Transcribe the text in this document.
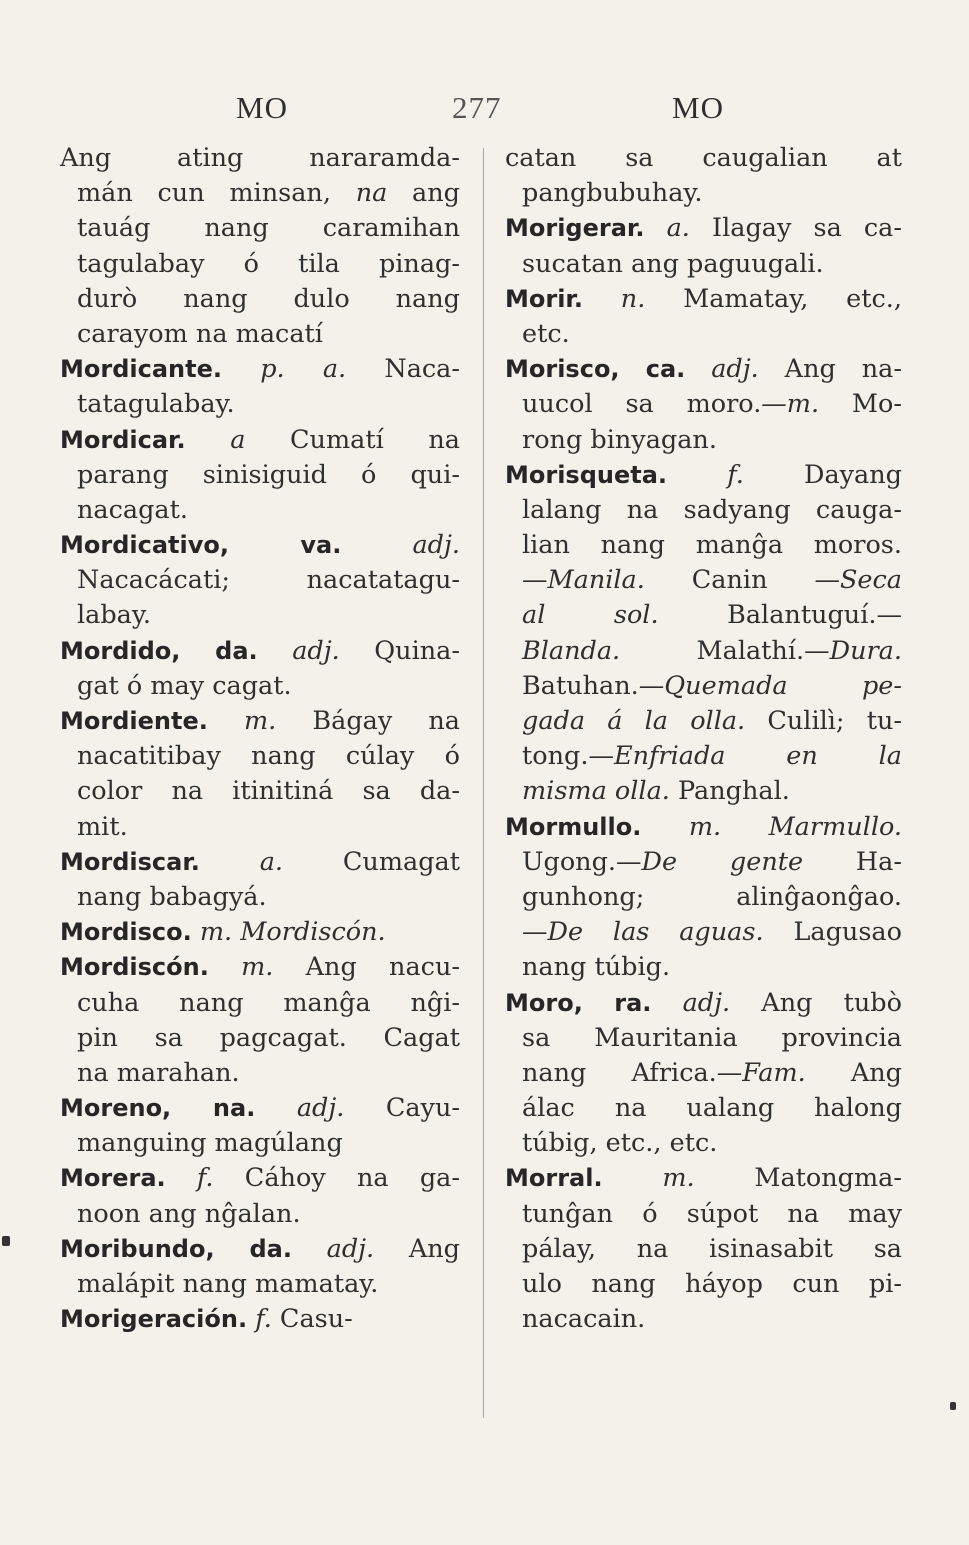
MO	277	MO
Ang ating nararamda-
mán cun minsan, na ang
tauág nang caramihan
tagulabay ó tila pinag-
durò nang dulo nang
carayom na macatí
Mordicante. p. a. Naca-
tatagulabay.
Mordicar. a Cumatí na
parang sinisiguid ó qui-
nacagat.
Mordicativo, va.	adj.
Nacacácati; nacatatagu-
labay.
Mordido, da. adj. Quina-
gat ó may cagat.
Mordiente. m. Bágay na
nacatitibay nang cúlay ó
color na itinitiná sa da-
mit.
Mordiscar. a. Cumagat
nang babagyá.
Mordisco. m. Mordiscón.
Mordiscón. m. Ang nacu-
cuha nang manĝa nĝi-
pin sa pagcagat. Cagat
na marahan.
Moreno, na. adj. Cayu-
manguing magúlang
Morera. f. Cáhoy na ga-
noon ang nĝalan.
Moribundo, da. adj. Ang
malápit nang mamatay.
Morigeración. f. Casu-
catan sa caugalian at
pangbubuhay.
Morigerar. a. Ilagay sa ca-
sucatan ang paguugali.
Morir. n. Mamatay, etc.,
etc.
Morisco, ca. adj. Ang na-
uucol sa moro.—m. Mo-
rong binyagan.
Morisqueta. f. Dayang
lalang na sadyang cauga-
lian nang manĝa moros.
—Manila. Canin —Seca
al sol. Balantuguí.—
Blanda. Malathí.—Dura.
Batuhan.—Quemada pe-
gada á la olla. Culilì; tu-
tong.—Enfriada en la
misma olla. Panghal.
Mormullo. m. Marmullo.
Ugong.—De gente Ha-
gunhong; alinĝaonĝao.
—De las aguas. Lagusao
nang túbig.
Moro, ra. adj. Ang tubò
sa Mauritania provincia
nang Africa.—Fam. Ang
álac na ualang halong
túbig, etc., etc.
Morral. m. Matongma-
tunĝan ó súpot na may
pálay, na isinasabit sa
ulo nang háyop cun pi-
nacacain.
